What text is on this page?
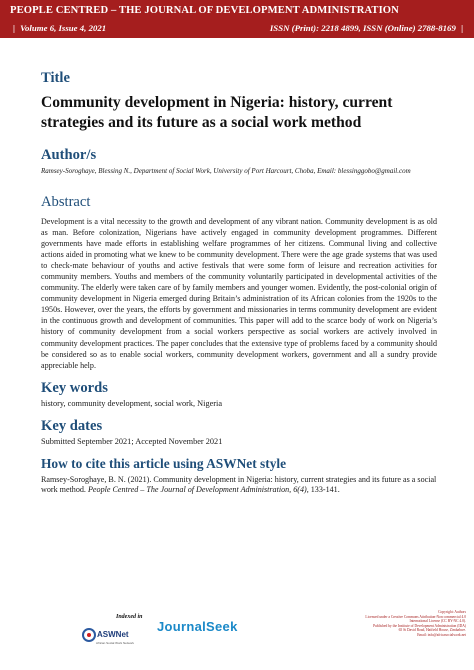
PEOPLE CENTRED – THE JOURNAL OF DEVELOPMENT ADMINISTRATION
| Volume 6, Issue 4, 2021	ISSN (Print): 2218 4899, ISSN (Online) 2788-8169 |
Title
Community development in Nigeria: history, current strategies and its future as a social work method
Author/s
Ramsey-Soroghaye, Blessing N., Department of Social Work, University of Port Harcourt, Choba, Email: blessinggobo@gmail.com
Abstract
Development is a vital necessity to the growth and development of any vibrant nation. Community development is as old as man. Before colonization, Nigerians have actively engaged in community development programmes. Different governments have made efforts in establishing welfare programmes of her citizens. Communal living and collective actions aided in promoting what we knew to be community development. There were the age grade systems that was used to check-mate behaviour of youths and active festivals that were some form of leisure and recreation activities for community members. Youths and members of the community voluntarily participated in developmental activities of the community. The elderly were taken care of by family members and younger women. Evidently, the post-colonial origin of community development in Nigeria emerged during Britain’s administration of its African colonies from the 1920s to the 1950s. However, over the years, the efforts by government and missionaries in terms community development are evident in the continuous growth and development of communities. This paper will add to the scarce body of work on Nigeria’s history of community development from a social workers perspective as social workers are actively involved in community development practices. The paper concludes that the extensive type of problems faced by a community should be considered so as to enable social workers, community development workers, government and all a sundry provide appreciable help.
Key words
history, community development, social work, Nigeria
Key dates
Submitted September 2021; Accepted November 2021
How to cite this article using ASWNet style
Ramsey-Soroghaye, B. N. (2021). Community development in Nigeria: history, current strategies and its future as a social work method. People Centred – The Journal of Development Administration, 6(4), 133-141.
Indexed in
ASWNet
African Social Work Network
JournalSeek
Copyright: Authors
Licensed under a Creative Commons Attribution-Non commercial 4.0
International License (CC BY-NC 4.0).
Published by the Institute of Development Administration (IDA)
65 St David Road, Hatfield House, Zimbabwe.
Email: info@africasocialwork.net
